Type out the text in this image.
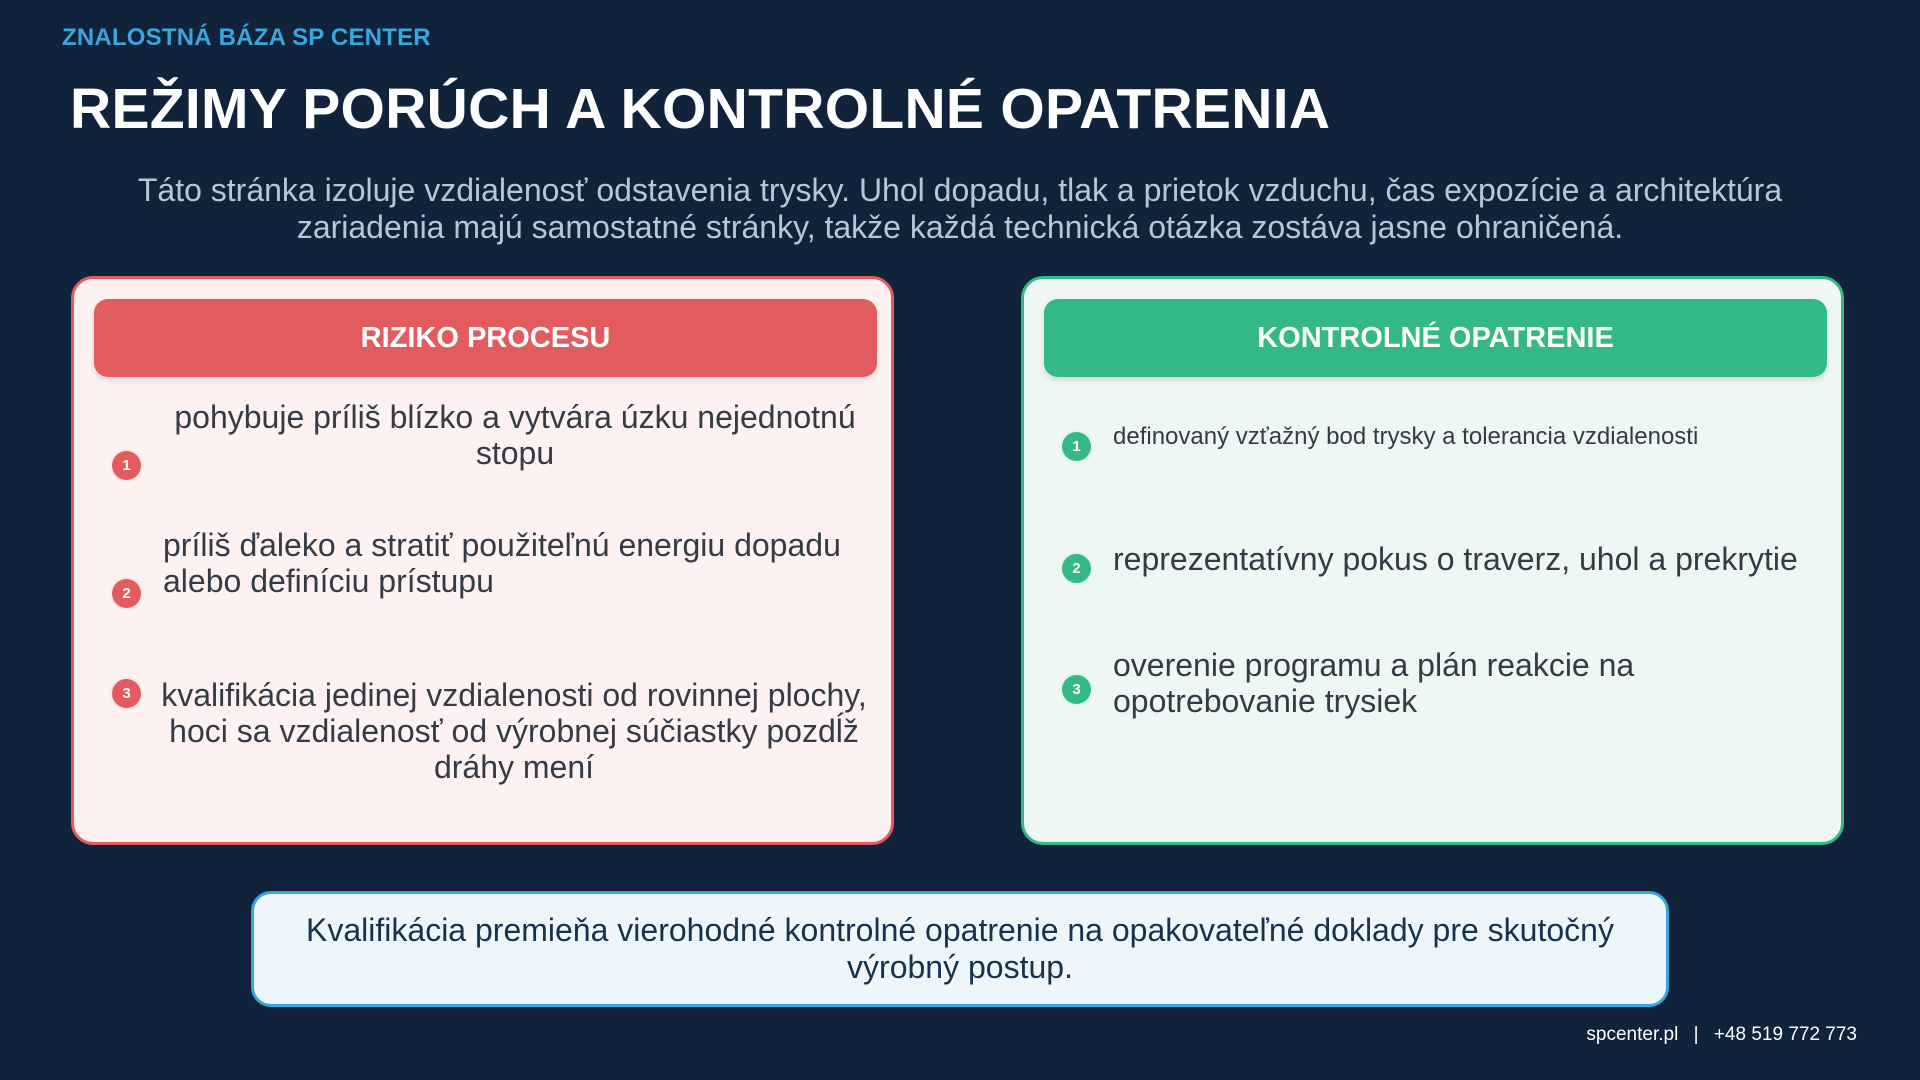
ZNALOSTNÁ BÁZA SP CENTER
REŽIMY PORÚCH A KONTROLNÉ OPATRENIA
Táto stránka izoluje vzdialenosť odstavenia trysky. Uhol dopadu, tlak a prietok vzduchu, čas expozície a architektúra zariadenia majú samostatné stránky, takže každá technická otázka zostáva jasne ohraničená.
RIZIKO PROCESU
1
pohybuje príliš blízko a vytvára úzku nejednotnú stopu
2
príliš ďaleko a stratiť použiteľnú energiu dopadu alebo definíciu prístupu
3 kvalifikácia jedinej vzdialenosti od rovinnej plochy, hoci sa vzdialenosť od výrobnej súčiastky pozdĺž dráhy mení
KONTROLNÉ OPATRENIE
1	definovaný vzťažný bod trysky a tolerancia vzdialenosti
2	reprezentatívny pokus o traverz, uhol a prekrytie
3
overenie programu a plán reakcie na opotrebovanie trysiek
Kvalifikácia premieňa vierohodné kontrolné opatrenie na opakovateľné doklady pre skutočný výrobný postup.
spcenter.pl | +48 519 772 773
